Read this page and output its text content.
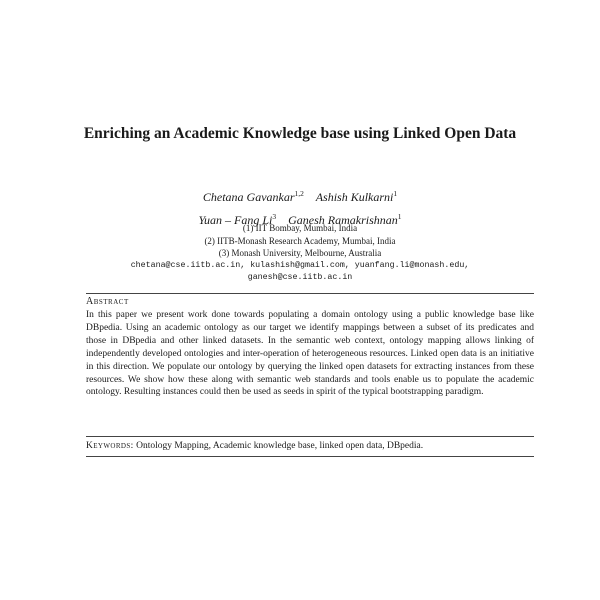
Enriching an Academic Knowledge base using Linked Open Data
Chetana Gavankar$^{1,2}$ Ashish Kulkarni$^1$
Yuan – Fang Li$^3$ Ganesh Ramakrishnan$^1$
(1) IIT Bombay, Mumbai, India
(2) IITB-Monash Research Academy, Mumbai, India
(3) Monash University, Melbourne, Australia
chetana@cse.iitb.ac.in, kulashish@gmail.com, yuanfang.li@monash.edu,
ganesh@cse.iitb.ac.in
Abstract
In this paper we present work done towards populating a domain ontology using a public knowledge base like DBpedia. Using an academic ontology as our target we identify mappings between a subset of its predicates and those in DBpedia and other linked datasets. In the semantic web context, ontology mapping allows linking of independently developed ontologies and inter-operation of heterogeneous resources. Linked open data is an initiative in this direction. We populate our ontology by querying the linked open datasets for extracting instances from these resources. We show how these along with semantic web standards and tools enable us to populate the academic ontology. Resulting instances could then be used as seeds in spirit of the typical bootstrapping paradigm.
Keywords: Ontology Mapping, Academic knowledge base, linked open data, DBpedia.
